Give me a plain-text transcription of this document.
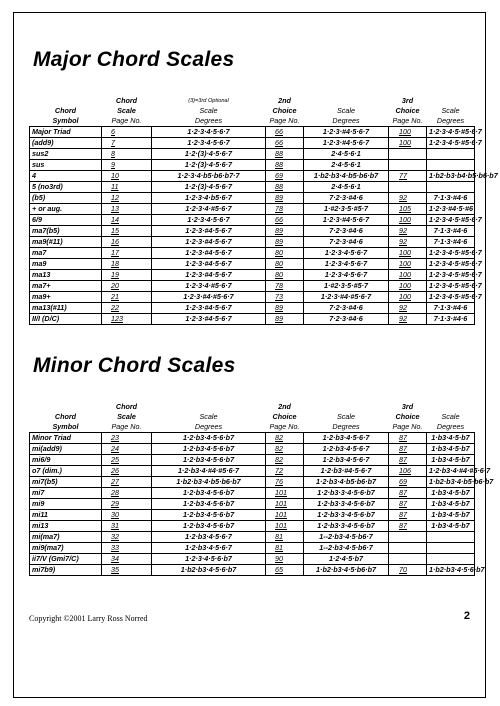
Major Chord Scales
	Chord	(3)=3rd Optional	2nd		3rd	
Chord	Scale	Scale	Choice	Scale	Choice	Scale
Symbol	Page No.	Degrees	Page No.	Degrees	Page No.	Degrees
Major Triad	6	1·2·3·4·5·6·7	66	1·2·3·#4·5·6·7	100	1·2·3·4·5·#5·6·7
(add9)	7	1·2·3·4·5·6·7	66	1·2·3·#4·5·6·7	100	1·2·3·4·5·#5·6·7
sus2	8	1·2·(3)·4·5·6·7	88	2·4·5·6·1		
sus	9	1·2·(3)·4·5·6·7	88	2·4·5·6·1		
4	10	1·2·3·4·b5·b6·b7·7	69	1·b2·b3·4·b5·b6·b7	77	1·b2·b3·b4·b5·b6·b7
5 (no3rd)	11	1·2·(3)·4·5·6·7	88	2·4·5·6·1		
(b5)	12	1·2·3·4·b5·6·7	89	7·2·3·#4·6	92	7·1·3·#4·6
+ or aug.	13	1·2·3·4·#5·6·7	78	1·#2·3·5·#5·7	105	1·2·3·#4·5·#6
6/9	14	1·2·3·4·5·6·7	66	1·2·3·#4·5·6·7	100	1·2·3·4·5·#5·6·7
ma7(b5)	15	1·2·3·#4·5·6·7	89	7·2·3·#4·6	92	7·1·3·#4·6
ma9(#11)	16	1·2·3·#4·5·6·7	89	7·2·3·#4·6	92	7·1·3·#4·6
ma7	17	1·2·3·#4·5·6·7	80	1·2·3·4·5·6·7	100	1·2·3·4·5·#5·6·7
ma9	18	1·2·3·#4·5·6·7	80	1·2·3·4·5·6·7	100	1·2·3·4·5·#5·6·7
ma13	19	1·2·3·#4·5·6·7	80	1·2·3·4·5·6·7	100	1·2·3·4·5·#5·6·7
ma7+	20	1·2·3·4·#5·6·7	78	1·#2·3·5·#5·7	100	1·2·3·4·5·#5·6·7
ma9+	21	1·2·3·#4·#5·6·7	73	1·2·3·#4·#5·6·7	100	1·2·3·4·5·#5·6·7
ma13(#11)	22	1·2·3·#4·5·6·7	89	7·2·3·#4·6	92	7·1·3·#4·6
II/I (D/C)	123	1·2·3·#4·5·6·7	89	7·2·3·#4·6	92	7·1·3·#4·6
Minor Chord Scales
	Chord		2nd		3rd	
Chord	Scale	Scale	Choice	Scale	Choice	Scale
Symbol	Page No.	Degrees	Page No.	Degrees	Page No.	Degrees
Minor Triad	23	1·2·b3·4·5·6·b7	82	1·2·b3·4·5·6·7	87	1·b3·4·5·b7
mi(add9)	24	1·2·b3·4·5·6·b7	82	1·2·b3·4·5·6·7	87	1·b3·4·5·b7
mi6/9	25	1·2·b3·4·5·6·b7	82	1·2·b3·4·5·6·7	87	1·b3·4·5·b7
o7 (dim.)	26	1·2·b3·4·#4·#5·6·7	72	1·2·b3·#4·5·6·7	106	1·2·b3·4·#4·#5·6·7
mi7(b5)	27	1·b2·b3·4·b5·b6·b7	76	1·2·b3·4·b5·b6·b7	69	1·b2·b3·4·b5·b6·b7
mi7	28	1·2·b3·4·5·6·b7	101	1·2·b3·3·4·5·6·b7	87	1·b3·4·5·b7
mi9	29	1·2·b3·4·5·6·b7	101	1·2·b3·3·4·5·6·b7	87	1·b3·4·5·b7
mi11	30	1·2·b3·4·5·6·b7	101	1·2·b3·3·4·5·6·b7	87	1·b3·4·5·b7
mi13	31	1·2·b3·4·5·6·b7	101	1·2·b3·3·4·5·6·b7	87	1·b3·4·5·b7
mi(ma7)	32	1·2·b3·4·5·6·7	81	1--2·b3·4·5·b6·7		
mi9(ma7)	33	1·2·b3·4·5·6·7	81	1--2·b3·4·5·b6·7		
ii7/V (Gmi7/C)	34	1·2·3·4·5·6·b7	90	1·2·4·5·b7		
mi7b9)	35	1·b2·b3·4·5·6·b7	65	1·b2·b3·4·5·b6·b7	70	1·b2·b3·4·5·6·b7
Copyright ©2001 Larry Ross Norred	2
